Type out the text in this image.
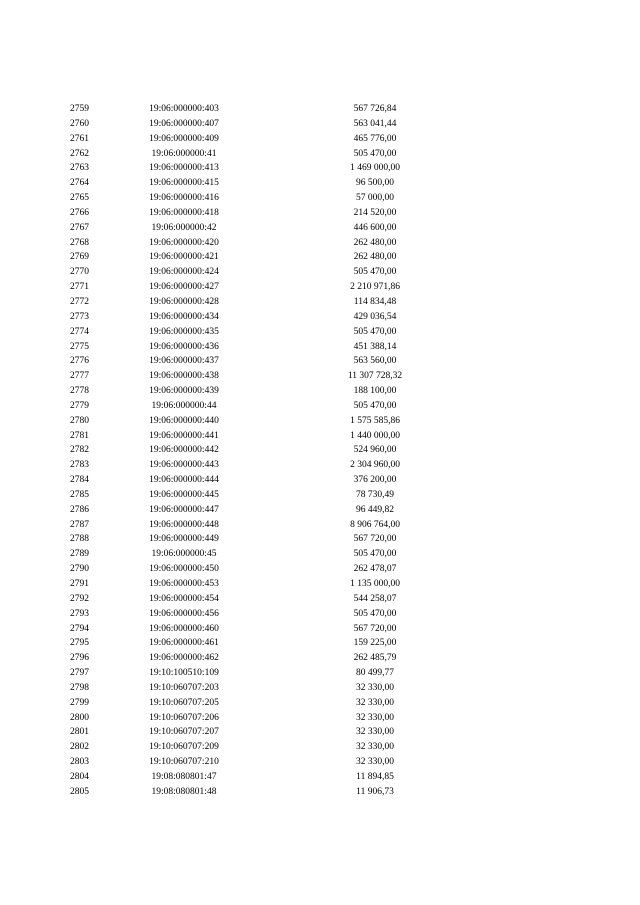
2759	19:06:000000:403	567 726,84
2760	19:06:000000:407	563 041,44
2761	19:06:000000:409	465 776,00
2762	19:06:000000:41	505 470,00
2763	19:06:000000:413	1 469 000,00
2764	19:06:000000:415	96 500,00
2765	19:06:000000:416	57 000,00
2766	19:06:000000:418	214 520,00
2767	19:06:000000:42	446 600,00
2768	19:06:000000:420	262 480,00
2769	19:06:000000:421	262 480,00
2770	19:06:000000:424	505 470,00
2771	19:06:000000:427	2 210 971,86
2772	19:06:000000:428	114 834,48
2773	19:06:000000:434	429 036,54
2774	19:06:000000:435	505 470,00
2775	19:06:000000:436	451 388,14
2776	19:06:000000:437	563 560,00
2777	19:06:000000:438	11 307 728,32
2778	19:06:000000:439	188 100,00
2779	19:06:000000:44	505 470,00
2780	19:06:000000:440	1 575 585,86
2781	19:06:000000:441	1 440 000,00
2782	19:06:000000:442	524 960,00
2783	19:06:000000:443	2 304 960,00
2784	19:06:000000:444	376 200,00
2785	19:06:000000:445	78 730,49
2786	19:06:000000:447	96 449,82
2787	19:06:000000:448	8 906 764,00
2788	19:06:000000:449	567 720,00
2789	19:06:000000:45	505 470,00
2790	19:06:000000:450	262 478,07
2791	19:06:000000:453	1 135 000,00
2792	19:06:000000:454	544 258,07
2793	19:06:000000:456	505 470,00
2794	19:06:000000:460	567 720,00
2795	19:06:000000:461	159 225,00
2796	19:06:000000:462	262 485,79
2797	19:10:100510:109	80 499,77
2798	19:10:060707:203	32 330,00
2799	19:10:060707:205	32 330,00
2800	19:10:060707:206	32 330,00
2801	19:10:060707:207	32 330,00
2802	19:10:060707:209	32 330,00
2803	19:10:060707:210	32 330,00
2804	19:08:080801:47	11 894,85
2805	19:08:080801:48	11 906,73
